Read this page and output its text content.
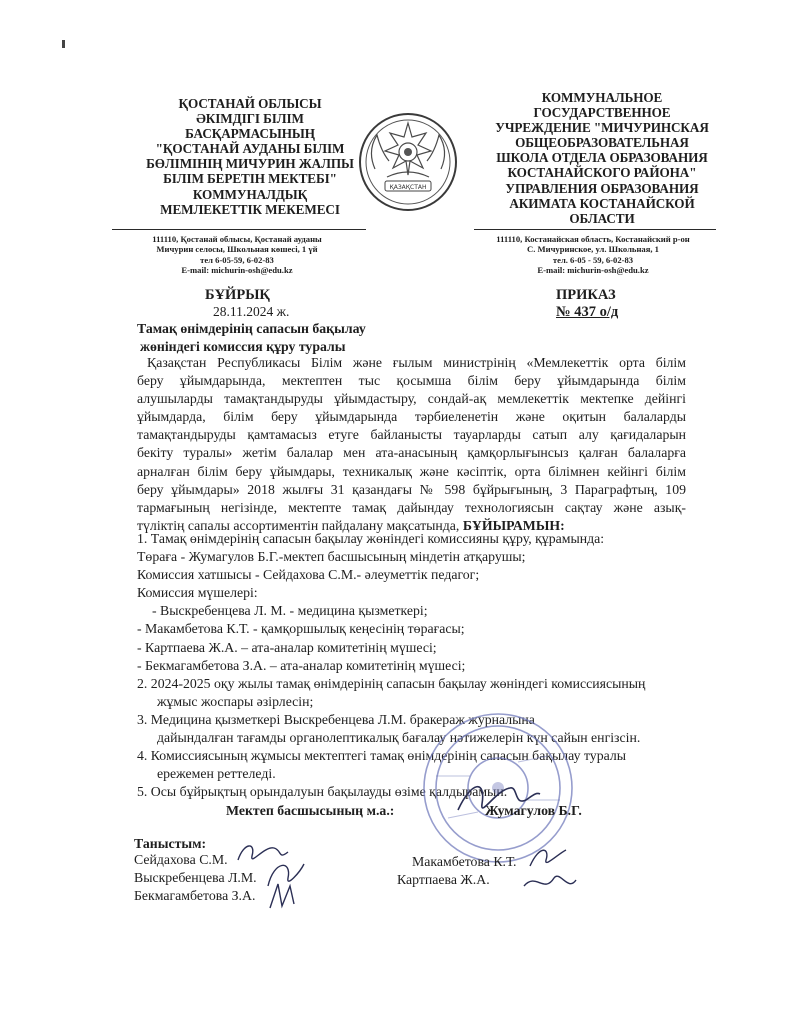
ҚОСТАНАЙ ОБЛЫСЫ
ӘКІМДІГІ БІЛІМ
БАСҚАРМАСЫНЫҢ
"ҚОСТАНАЙ АУДАНЫ БІЛІМ
БӨЛІМІНІҢ МИЧУРИН ЖАЛПЫ
БІЛІМ БЕРЕТІН МЕКТЕБІ"
КОММУНАЛДЫҚ
МЕМЛЕКЕТТІК МЕКЕМЕСІ
ҚАЗАҚСТАН
КОММУНАЛЬНОЕ
ГОСУДАРСТВЕННОЕ
УЧРЕЖДЕНИЕ "МИЧУРИНСКАЯ
ОБЩЕОБРАЗОВАТЕЛЬНАЯ
ШКОЛА ОТДЕЛА ОБРАЗОВАНИЯ
КОСТАНАЙСКОГО РАЙОНА"
УПРАВЛЕНИЯ ОБРАЗОВАНИЯ
АКИМАТА КОСТАНАЙСКОЙ
ОБЛАСТИ
111110, Қостанай облысы, Қостанай ауданы
Мичурин селосы, Школьная көшесі, 1 үй
тел 6-05-59, 6-02-83
E-mail: michurin-osh@edu.kz
111110, Костанайская область, Костанайский р-он
С. Мичуринское, ул. Школьная, 1
тел. 6-05 - 59, 6-02-83
E-mail: michurin-osh@edu.kz
БҰЙРЫҚ
28.11.2024 ж.
ПРИКАЗ
№ 437 о/д
Тамақ өнімдерінің сапасын бақылау
жөніндегі комиссия құру туралы
Қазақстан Республикасы Білім және ғылым министрінің «Мемлекеттік орта білім
беру ұйымдарында, мектептен тыс қосымша білім беру ұйымдарында білім
алушыларды тамақтандыруды ұйымдастыру, сондай-ақ мемлекеттік мектепке дейінгі
ұйымдарда, білім беру ұйымдарында тәрбиеленетін және оқитын балаларды
тамақтандыруды қамтамасыз етуге байланысты тауарларды сатып алу қағидаларын
бекіту туралы» жетім балалар мен ата-анасының қамқорлығынсыз қалған балаларға
арналған білім беру ұйымдары, техникалық және кәсіптік, орта білімнен кейінгі білім
беру ұйымдары» 2018 жылғы 31 қазандағы № 598 бұйрығының, 3 Параграфтың, 109
тармағының негізінде, мектепте тамақ дайындау технологиясын сақтау және азық-
түліктің сапалы ассортиментін пайдалану мақсатында, БҰЙЫРАМЫН:
1. Тамақ өнімдерінің сапасын бақылау жөніндегі комиссияны құру, құрамында:
Төраға - Жумагулов Б.Г.-мектеп басшысының міндетін атқарушы;
Комиссия хатшысы - Сейдахова С.М.- әлеуметтік педагог;
Комиссия мүшелері:
- Выскребенцева Л. М. - медицина қызметкері;
- Макамбетова К.Т. - қамқоршылық кеңесінің төрағасы;
- Картпаева Ж.А. – ата-аналар комитетінің мүшесі;
- Бекмагамбетова З.А. – ата-аналар комитетінің мүшесі;
2. 2024-2025 оқу жылы тамақ өнімдерінің сапасын бақылау жөніндегі комиссиясының
жұмыс жоспары әзірлесін;
3. Медицина қызметкері Выскребенцева Л.М. бракераж журналына
дайындалған тағамды органолептикалық бағалау нәтижелерін күн сайын енгізсін.
4. Комиссиясының жұмысы мектептегі тамақ өнімдерінің сапасын бақылау туралы
ережемен реттеледі.
5. Осы бұйрықтың орындалуын бақылауды өзіме қалдырамын.
Мектеп басшысының м.а.:	Жумагулов Б.Г.
Таныстым:
Сейдахова С.М.
Выскребенцева Л.М.
Бекмагамбетова З.А.
Макамбетова К.Т.
Картпаева Ж.А.
